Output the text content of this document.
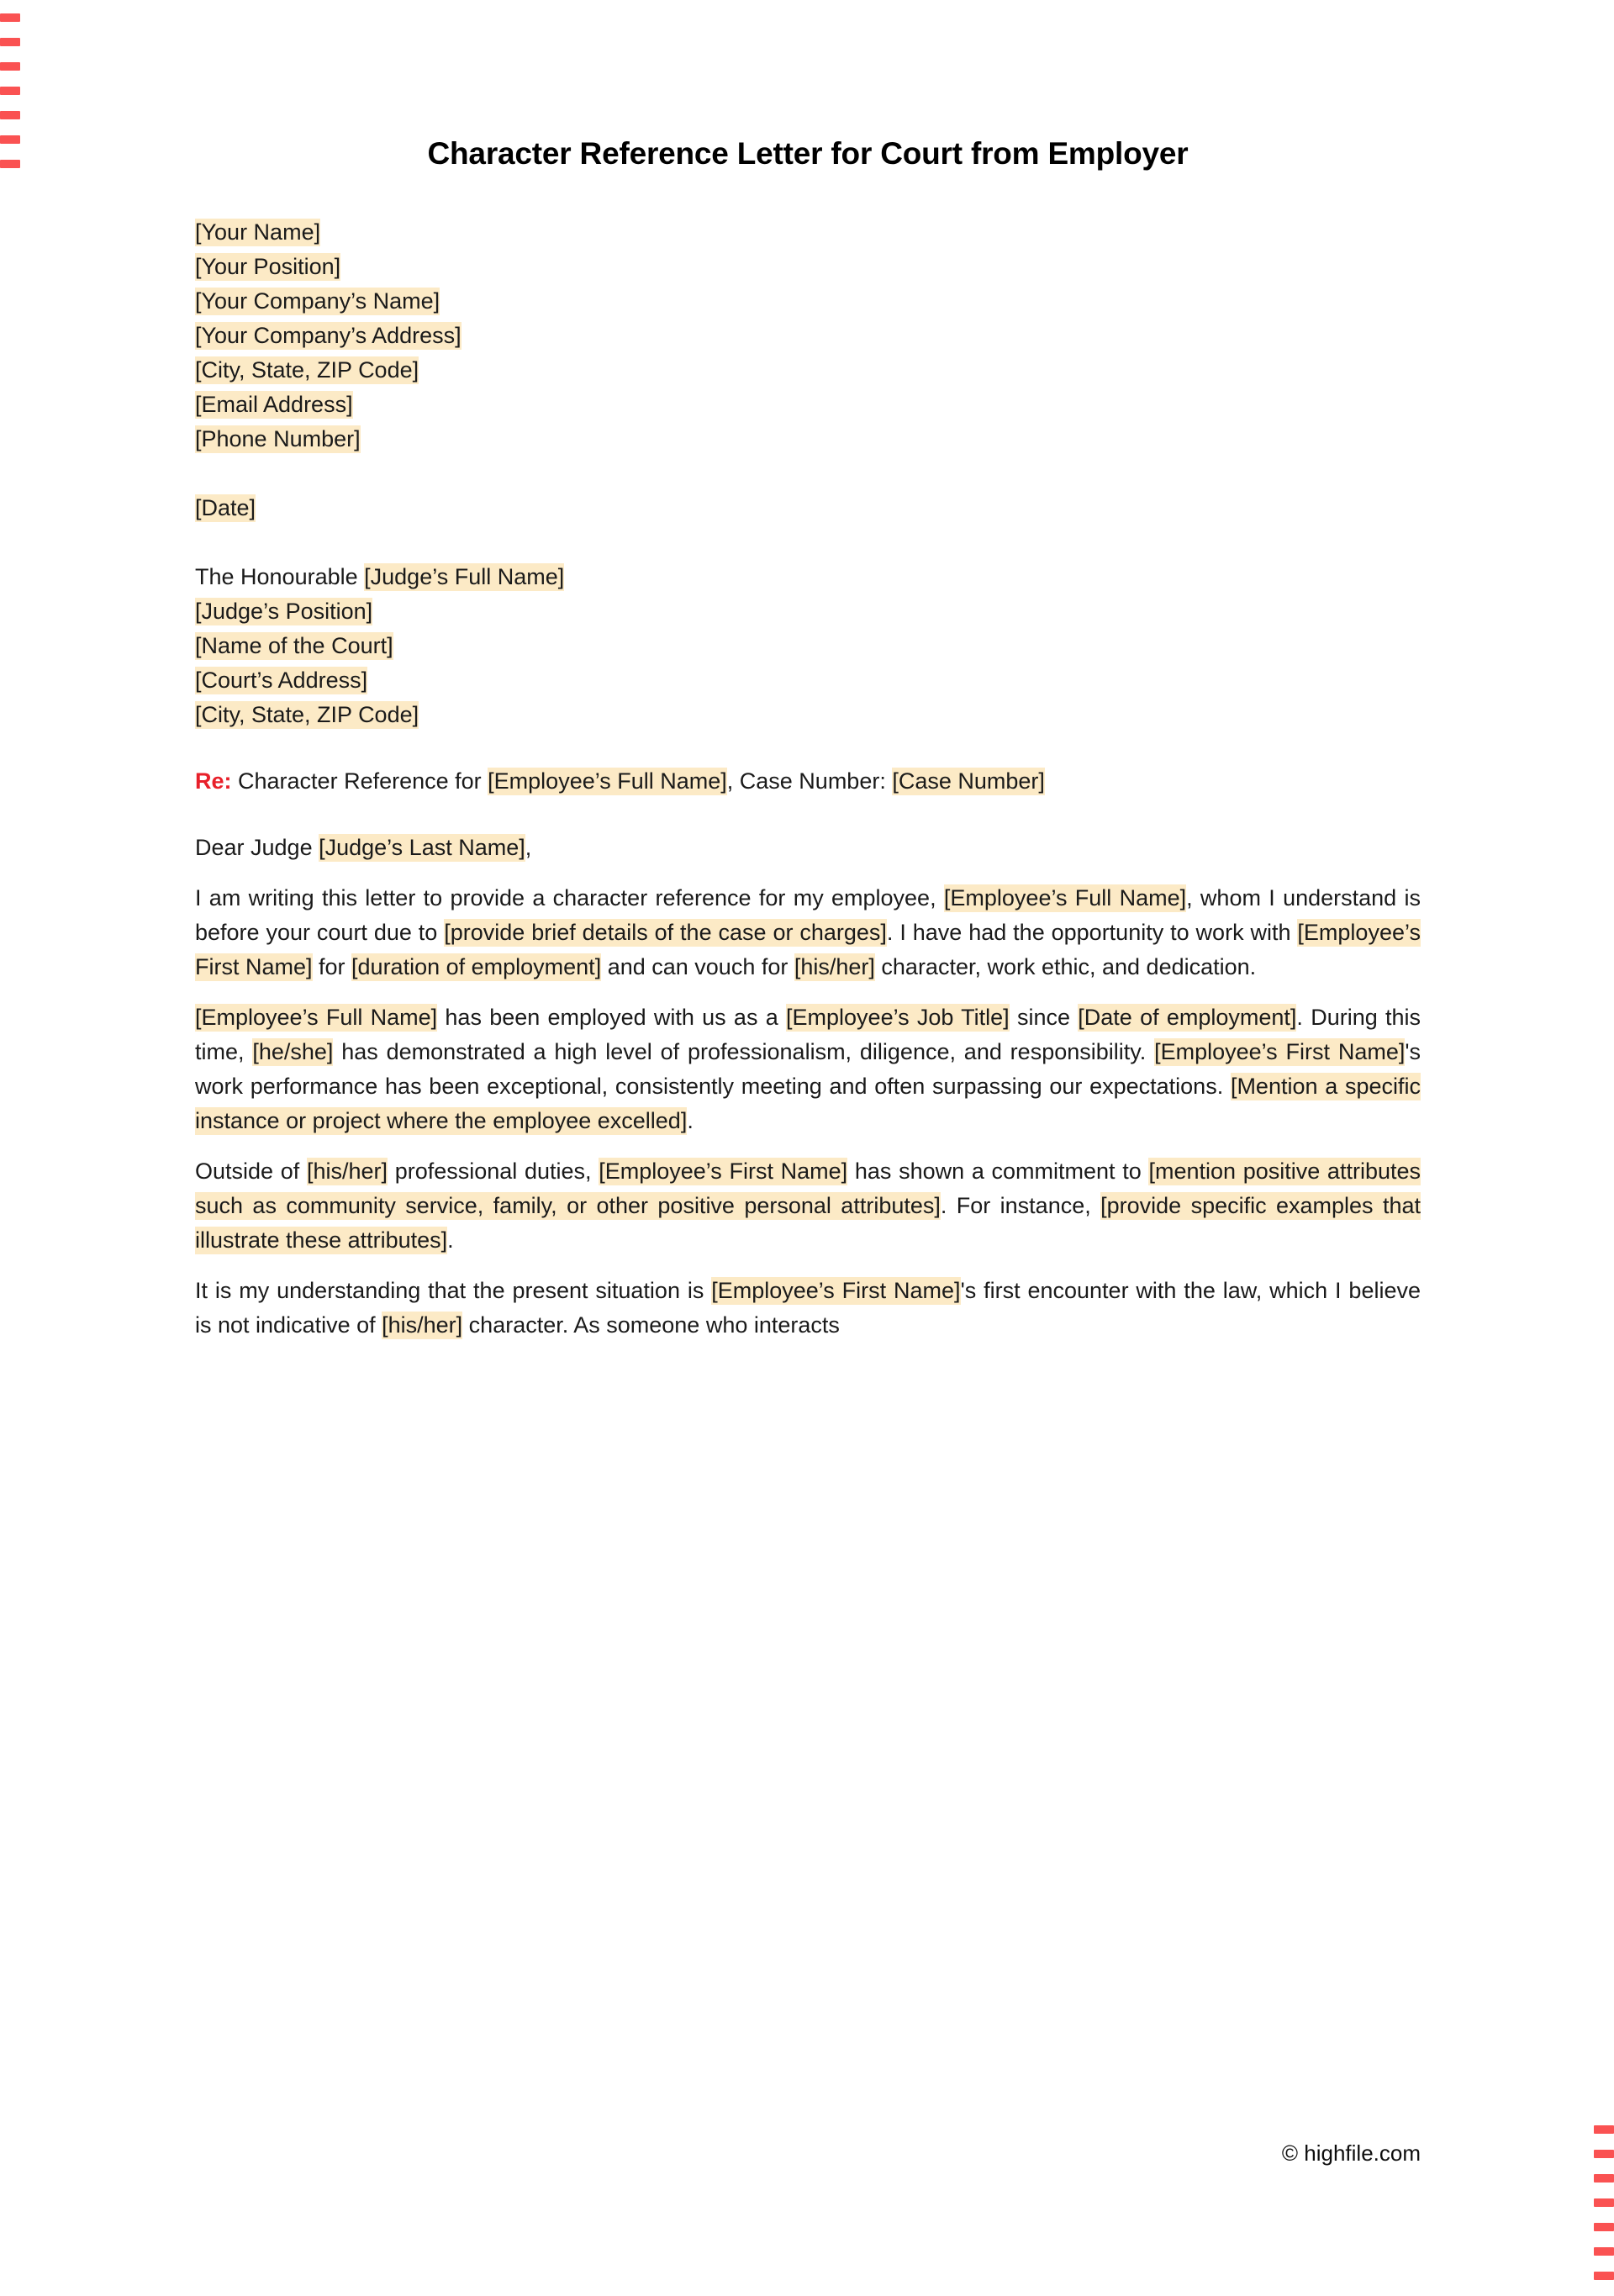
Character Reference Letter for Court from Employer

[Your Name]

[Your Position]

[Your Company’s Name]

[Your Company’s Address]

[City, State, ZIP Code]

[Email Address]

[Phone Number]

[Date]

The Honourable [Judge’s Full Name]

[Judge’s Position]

[Name of the Court]

[Court’s Address]

[City, State, ZIP Code]

Re: Character Reference for [Employee’s Full Name], Case Number: [Case Number]

Dear Judge [Judge’s Last Name],

I am writing this letter to provide a character reference for my employee, [Employee’s Full Name], whom I understand is before your court due to [provide brief details of the case or charges]. I have had the opportunity to work with [Employee’s First Name] for [duration of employment] and can vouch for [his/her] character, work ethic, and dedication.

[Employee’s Full Name] has been employed with us as a [Employee’s Job Title] since [Date of employment]. During this time, [he/she] has demonstrated a high level of professionalism, diligence, and responsibility. [Employee’s First Name]'s work performance has been exceptional, consistently meeting and often surpassing our expectations. [Mention a specific instance or project where the employee excelled].

Outside of [his/her] professional duties, [Employee’s First Name] has shown a commitment to [mention positive attributes such as community service, family, or other positive personal attributes]. For instance, [provide specific examples that illustrate these attributes].

It is my understanding that the present situation is [Employee’s First Name]'s first encounter with the law, which I believe is not indicative of [his/her] character. As someone who interacts

© highfile.com
